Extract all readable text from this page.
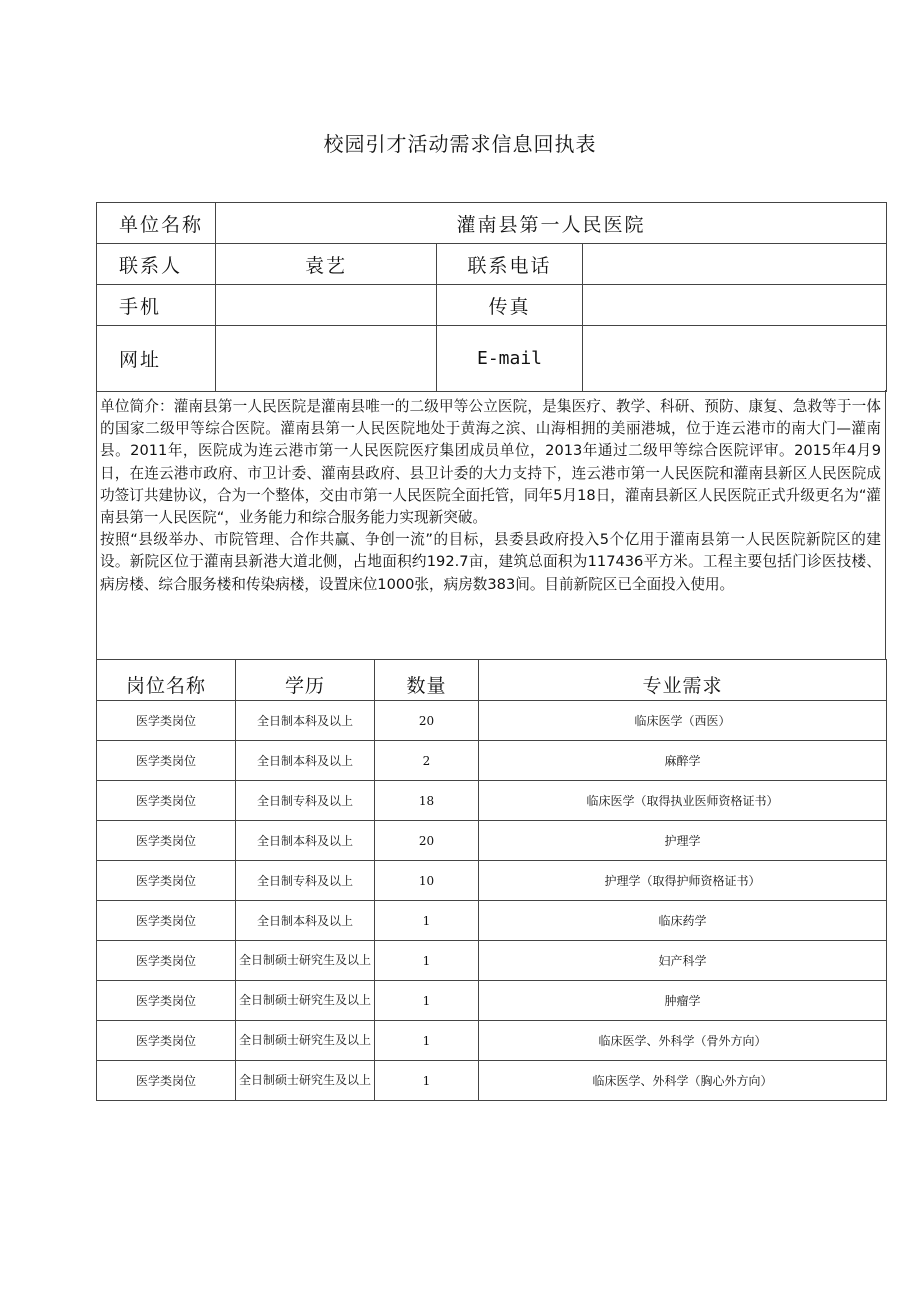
校园引才活动需求信息回执表
单位名称	灌南县第一人民医院		
联系人	袁艺	联系电话	
手机		传真	
网址		E-mail	

单位简介：灌南县第一人民医院是灌南县唯一的二级甲等公立医院，是集医疗、教学、科研、预防、康复、急救等于一体的国家二级甲等综合医院。灌南县第一人民医院地处于黄海之滨、山海相拥的美丽港城，位于连云港市的南大门—灌南县。2011年，医院成为连云港市第一人民医院医疗集团成员单位，2013年通过二级甲等综合医院评审。2015年4月9日，在连云港市政府、市卫计委、灌南县政府、县卫计委的大力支持下，连云港市第一人民医院和灌南县新区人民医院成功签订共建协议，合为一个整体，交由市第一人民医院全面托管，同年5月18日，灌南县新区人民医院正式升级更名为“灌南县第一人民医院“，业务能力和综合服务能力实现新突破。

按照“县级举办、市院管理、合作共赢、争创一流”的目标，县委县政府投入5个亿用于灌南县第一人民医院新院区的建设。新院区位于灌南县新港大道北侧，占地面积约192.7亩，建筑总面积为117436平方米。工程主要包括门诊医技楼、病房楼、综合服务楼和传染病楼，设置床位1000张，病房数383间。目前新院区已全面投入使用。

岗位名称	学历	数量	专业需求
医学类岗位	全日制本科及以上	20	临床医学（西医）
医学类岗位	全日制本科及以上	2	麻醉学
医学类岗位	全日制专科及以上	18	临床医学（取得执业医师资格证书）
医学类岗位	全日制本科及以上	20	护理学
医学类岗位	全日制专科及以上	10	护理学（取得护师资格证书）
医学类岗位	全日制本科及以上	1	临床药学
医学类岗位	全日制硕士研究生及以上	1	妇产科学
医学类岗位	全日制硕士研究生及以上	1	肿瘤学
医学类岗位	全日制硕士研究生及以上	1	临床医学、外科学（骨外方向）
医学类岗位	全日制硕士研究生及以上	1	临床医学、外科学（胸心外方向）
